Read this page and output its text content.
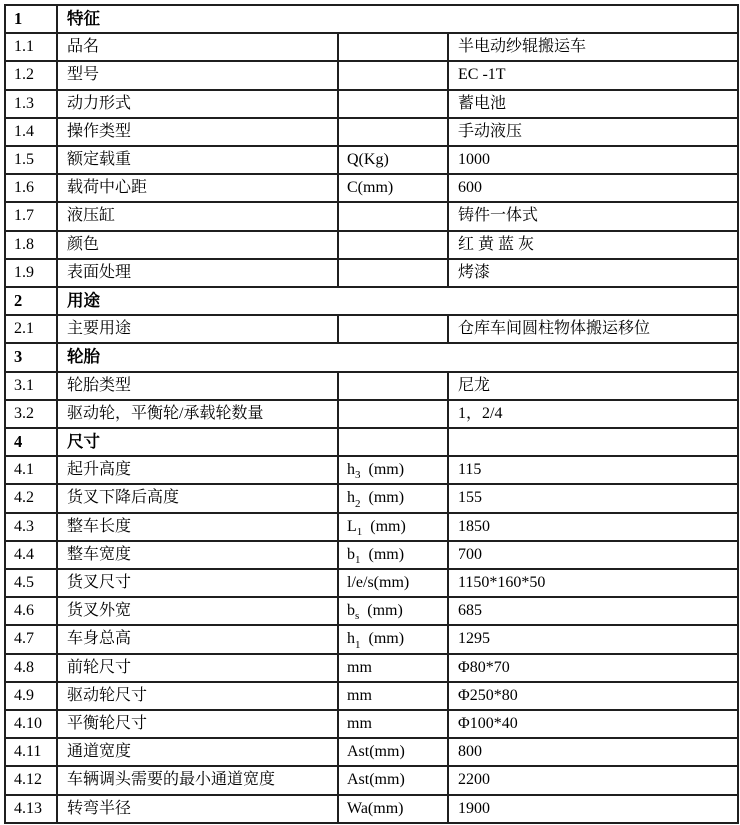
1	特征		
1.1	品名		半电动纱辊搬运车
1.2	型号		EC -1T
1.3	动力形式		蓄电池
1.4	操作类型		手动液压
1.5	额定载重	Q(Kg)	1000
1.6	载荷中心距	C(mm)	600
1.7	液压缸		铸件一体式
1.8	颜色		红 黄 蓝 灰
1.9	表面处理		烤漆
2	用途		
2.1	主要用途		仓库车间圆柱物体搬运移位
3	轮胎		
3.1	轮胎类型		尼龙
3.2	驱动轮，平衡轮/承载轮数量		1，2/4
4	尺寸		
4.1	起升高度	$h_3$ (mm)	115
4.2	货叉下降后高度	$h_2$ (mm)	155
4.3	整车长度	$L_1$ (mm)	1850
4.4	整车宽度	$b_1$ (mm)	700
4.5	货叉尺寸	l/e/s(mm)	1150*160*50
4.6	货叉外宽	$b_s$ (mm)	685
4.7	车身总高	$h_1$ (mm)	1295
4.8	前轮尺寸	mm	Φ80*70
4.9	驱动轮尺寸	mm	Φ250*80
4.10	平衡轮尺寸	mm	Φ100*40
4.11	通道宽度	Ast(mm)	800
4.12	车辆调头需要的最小通道宽度	Ast(mm)	2200
4.13	转弯半径	Wa(mm)	1900
